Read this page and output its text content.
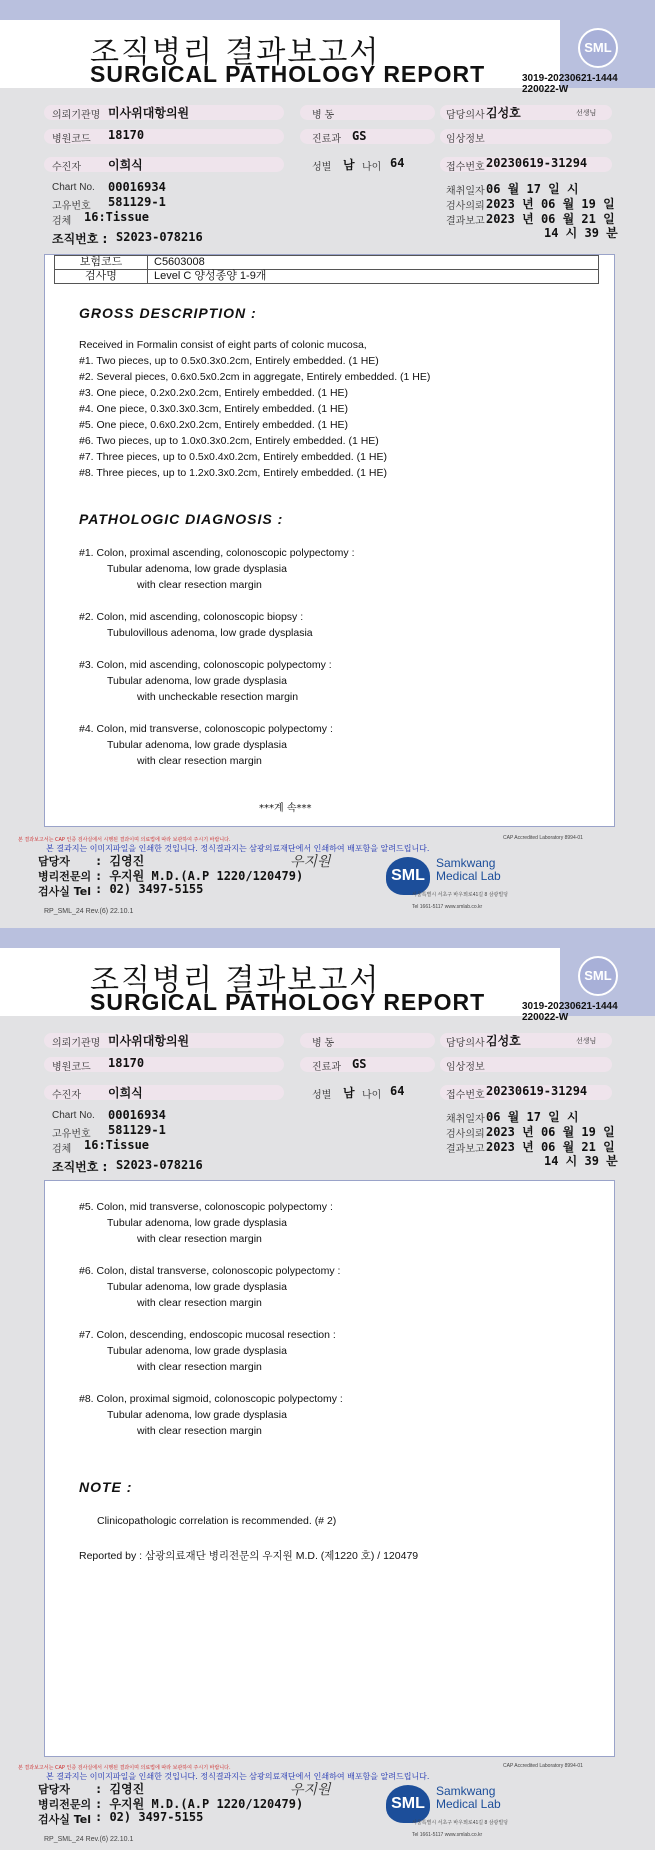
조직병리 결과보고서
SURGICAL PATHOLOGY REPORT
SML
3019-20230621-1444
220022-W
의뢰기관명 미사위대항의원
병원코드 18170
수진자 이희식
Chart No. 00016934
고유번호 581129-1
검체 16:Tissue
조직번호 : S2023-078216
병 동
진료과 GS
성별 남 나이 64
담당의사 김성호	선생님
임상정보
접수번호 20230619-31294
채취일자 06 월 17 일 시
검사의뢰 2023 년 06 월 19 일
결과보고 2023 년 06 월 21 일
14 시 39 분
보험코드	C5603008
검사명	Level C 양성종양 1-9개
GROSS DESCRIPTION :
Received in Formalin consist of eight parts of colonic mucosa,
#1. Two pieces, up to 0.5x0.3x0.2cm, Entirely embedded. (1 HE)
#2. Several pieces, 0.6x0.5x0.2cm in aggregate, Entirely embedded. (1 HE)
#3. One piece, 0.2x0.2x0.2cm, Entirely embedded. (1 HE)
#4. One piece, 0.3x0.3x0.3cm, Entirely embedded. (1 HE)
#5. One piece, 0.6x0.2x0.2cm, Entirely embedded. (1 HE)
#6. Two pieces, up to 1.0x0.3x0.2cm, Entirely embedded. (1 HE)
#7. Three pieces, up to 0.5x0.4x0.2cm, Entirely embedded. (1 HE)
#8. Three pieces, up to 1.2x0.3x0.2cm, Entirely embedded. (1 HE)
PATHOLOGIC DIAGNOSIS :
#1. Colon, proximal ascending, colonoscopic polypectomy :
Tubular adenoma, low grade dysplasia
with clear resection margin
#2. Colon, mid ascending, colonoscopic biopsy :
Tubulovillous adenoma, low grade dysplasia
#3. Colon, mid ascending, colonoscopic polypectomy :
Tubular adenoma, low grade dysplasia
with uncheckable resection margin
#4. Colon, mid transverse, colonoscopic polypectomy :
Tubular adenoma, low grade dysplasia
with clear resection margin
***계 속***
본 결과보고서는 CAP 인증 검사실에서 시행된 결과이며 의료법에 따라 보관하여 주시기 바랍니다.	CAP Accredited Laboratory 8994-01
본 결과지는 이미지파일을 인쇄한 것입니다. 정식결과지는 삼광의료재단에서 인쇄하여 배포함을 알려드립니다.
담당자 : 김영진
병리전문의 : 우지원 M.D.(A.P 1220/120479)
검사실 Tel : 02) 3497-5155
RP_SML_24 Rev.(6) 22.10.1
우지원
SML
Samkwang
Medical Lab
서울특별시 서초구 바우뫼로41길 8 삼광빌딩
Tel 1661-5117 www.smlab.co.kr
조직병리 결과보고서
SURGICAL PATHOLOGY REPORT
SML
3019-20230621-1444
220022-W
의뢰기관명 미사위대항의원
병원코드 18170
수진자 이희식
Chart No. 00016934
고유번호 581129-1
검체 16:Tissue
조직번호 : S2023-078216
병 동
진료과 GS
성별 남 나이 64
담당의사 김성호	선생님
임상정보
접수번호 20230619-31294
채취일자 06 월 17 일 시
검사의뢰 2023 년 06 월 19 일
결과보고 2023 년 06 월 21 일
14 시 39 분
#5. Colon, mid transverse, colonoscopic polypectomy :
Tubular adenoma, low grade dysplasia
with clear resection margin
#6. Colon, distal transverse, colonoscopic polypectomy :
Tubular adenoma, low grade dysplasia
with clear resection margin
#7. Colon, descending, endoscopic mucosal resection :
Tubular adenoma, low grade dysplasia
with clear resection margin
#8. Colon, proximal sigmoid, colonoscopic polypectomy :
Tubular adenoma, low grade dysplasia
with clear resection margin
NOTE :
Clinicopathologic correlation is recommended. (# 2)
Reported by : 삼광의료재단 병리전문의 우지원 M.D. (제1220 호) / 120479
본 결과보고서는 CAP 인증 검사실에서 시행된 결과이며 의료법에 따라 보관하여 주시기 바랍니다.	CAP Accredited Laboratory 8994-01
본 결과지는 이미지파일을 인쇄한 것입니다. 정식결과지는 삼광의료재단에서 인쇄하여 배포함을 알려드립니다.
담당자 : 김영진
병리전문의 : 우지원 M.D.(A.P 1220/120479)
검사실 Tel : 02) 3497-5155
RP_SML_24 Rev.(6) 22.10.1
우지원
SML
Samkwang
Medical Lab
서울특별시 서초구 바우뫼로41길 8 삼광빌딩
Tel 1661-5117 www.smlab.co.kr
